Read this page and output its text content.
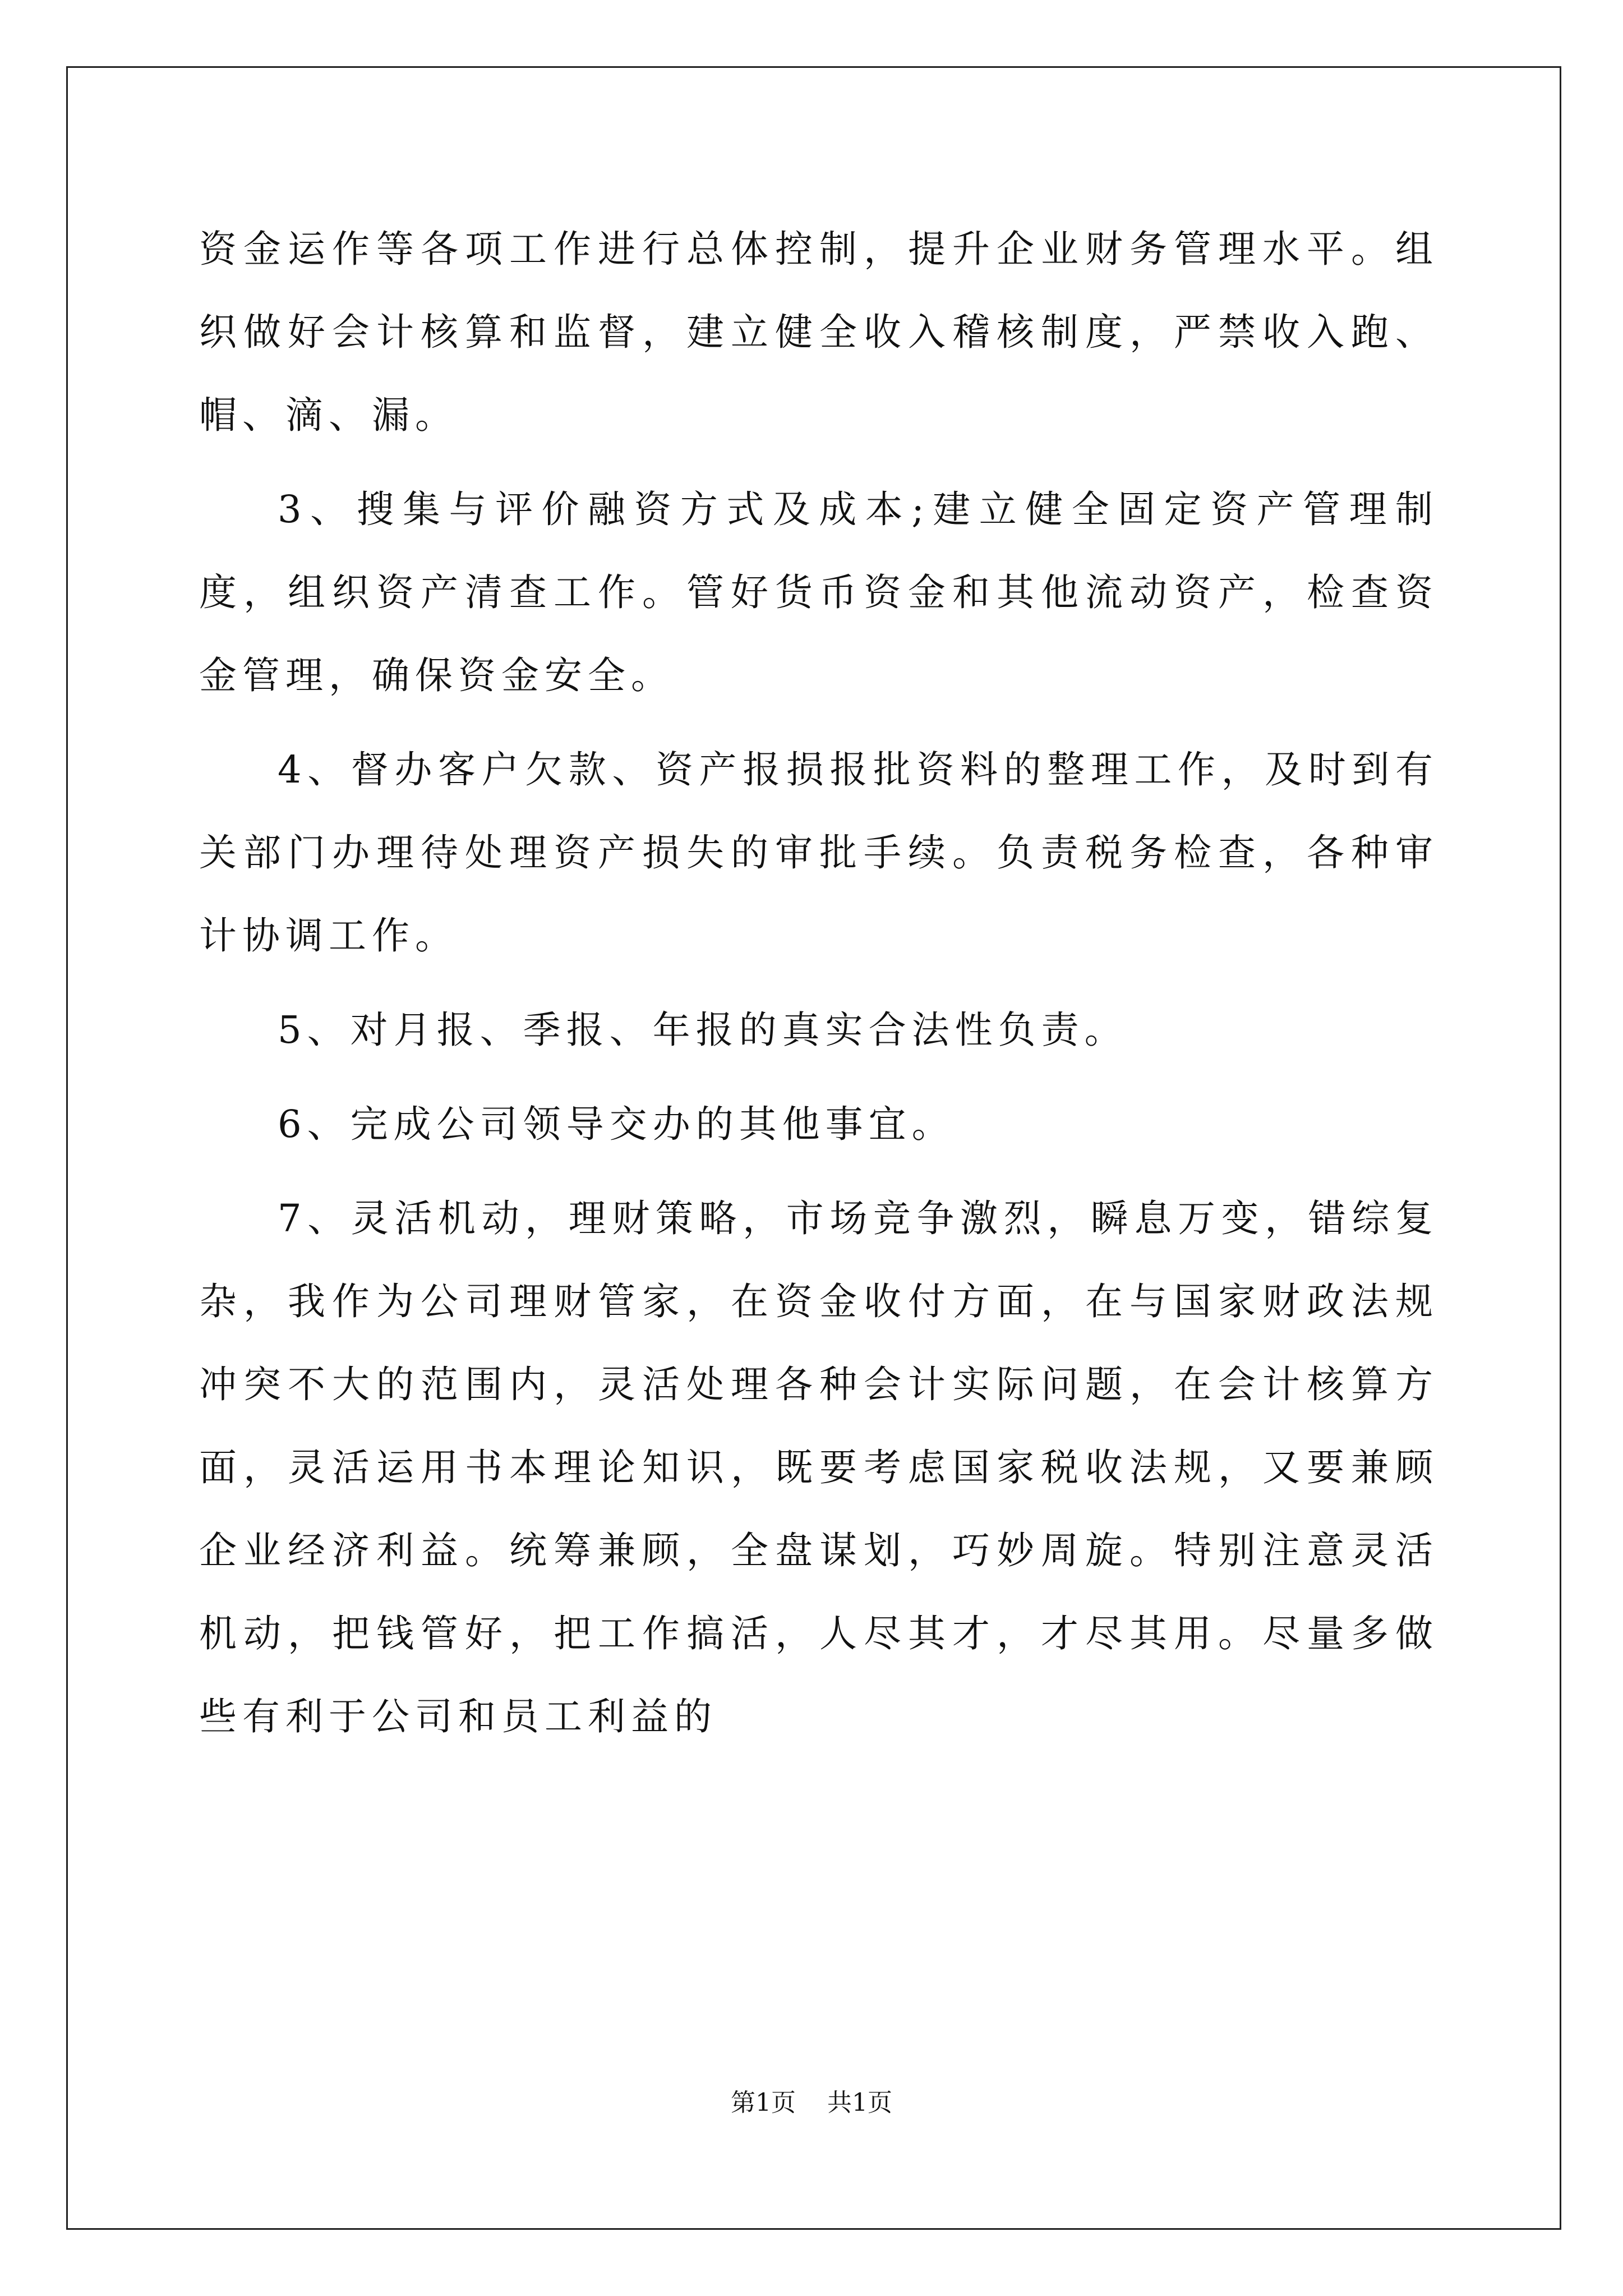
资金运作等各项工作进行总体控制，提升企业财务管理水平。组织做好会计核算和监督，建立健全收入稽核制度，严禁收入跑、帽、滴、漏。

3、搜集与评价融资方式及成本;建立健全固定资产管理制度，组织资产清查工作。管好货币资金和其他流动资产，检查资金管理，确保资金安全。

4、督办客户欠款、资产报损报批资料的整理工作，及时到有关部门办理待处理资产损失的审批手续。负责税务检查，各种审计协调工作。

5、对月报、季报、年报的真实合法性负责。

6、完成公司领导交办的其他事宜。

7、灵活机动，理财策略，市场竞争激烈，瞬息万变，错综复杂，我作为公司理财管家，在资金收付方面，在与国家财政法规冲突不大的范围内，灵活处理各种会计实际问题，在会计核算方面，灵活运用书本理论知识，既要考虑国家税收法规，又要兼顾企业经济利益。统筹兼顾，全盘谋划，巧妙周旋。特别注意灵活机动，把钱管好，把工作搞活，人尽其才，才尽其用。尽量多做些有利于公司和员工利益的

第1页 共1页
